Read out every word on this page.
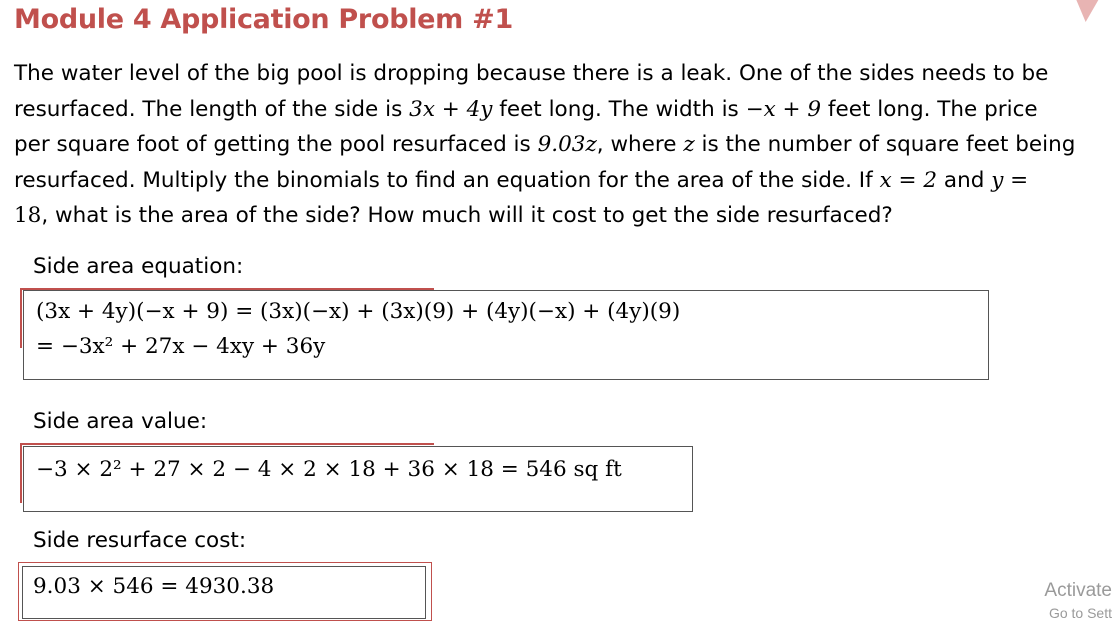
Module 4 Application Problem #1
The water level of the big pool is dropping because there is a leak. One of the sides needs to be
resurfaced. The length of the side is 3x + 4y feet long. The width is −x + 9 feet long. The price
per square foot of getting the pool resurfaced is 9.03z, where z is the number of square feet being
resurfaced. Multiply the binomials to find an equation for the area of the side. If x = 2 and y =
18, what is the area of the side? How much will it cost to get the side resurfaced?
Side area equation:
(3x + 4y)(−x + 9) = (3x)(−x) + (3x)(9) + (4y)(−x) + (4y)(9)
= −3x² + 27x − 4xy + 36y
Side area value:
−3 × 2² + 27 × 2 − 4 × 2 × 18 + 36 × 18 = 546 sq ft
Side resurface cost:
9.03 × 546 = 4930.38	Activate
Go to Sett
